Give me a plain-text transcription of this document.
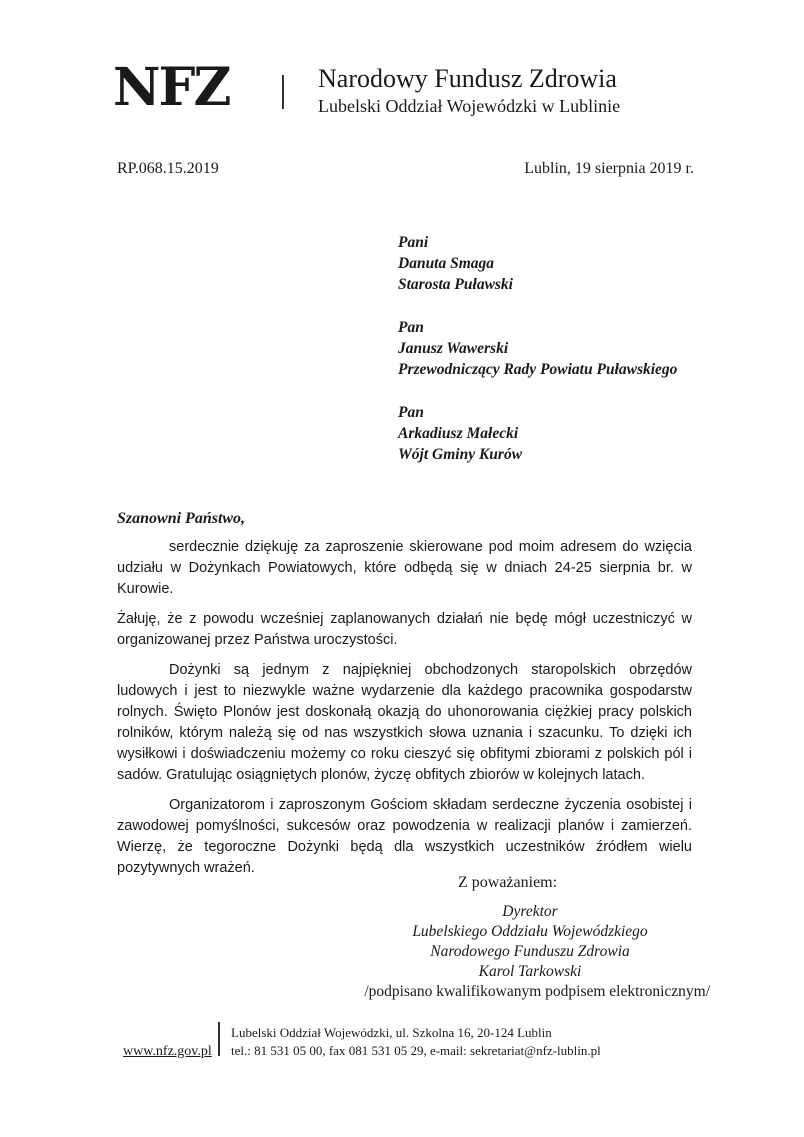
NFZ	Narodowy Fundusz Zdrowia
Lubelski Oddział Wojewódzki w Lublinie
RP.068.15.2019	Lublin, 19 sierpnia 2019 r.
Pani
Danuta Smaga
Starosta Puławski
Pan
Janusz Wawerski
Przewodniczący Rady Powiatu Puławskiego
Pan
Arkadiusz Małecki
Wójt Gminy Kurów
Szanowni Państwo,

serdecznie dziękuję za zaproszenie skierowane pod moim adresem do wzięcia udziału w Dożynkach Powiatowych, które odbędą się w dniach 24-25 sierpnia br. w Kurowie.

Żałuję, że z powodu wcześniej zaplanowanych działań nie będę mógł uczestniczyć w organizowanej przez Państwa uroczystości.

Dożynki są jednym z najpiękniej obchodzonych staropolskich obrzędów ludowych i jest to niezwykle ważne wydarzenie dla każdego pracownika gospodarstw rolnych. Święto Plonów jest doskonałą okazją do uhonorowania ciężkiej pracy polskich rolników, którym należą się od nas wszystkich słowa uznania i szacunku. To dzięki ich wysiłkowi i doświadczeniu możemy co roku cieszyć się obfitymi zbiorami z polskich pól i sadów. Gratulując osiągniętych plonów, życzę obfitych zbiorów w kolejnych latach.

Organizatorom i zaproszonym Gościom składam serdeczne życzenia osobistej i zawodowej pomyślności, sukcesów oraz powodzenia w realizacji planów i zamierzeń. Wierzę, że tegoroczne Dożynki będą dla wszystkich uczestników źródłem wielu pozytywnych wrażeń.

Z poważaniem:
Dyrektor
Lubelskiego Oddziału Wojewódzkiego
Narodowego Funduszu Zdrowia
Karol Tarkowski
/podpisano kwalifikowanym podpisem elektronicznym/
www.nfz.gov.pl
Lubelski Oddział Wojewódzki, ul. Szkolna 16, 20-124 Lublin
tel.: 81 531 05 00, fax 081 531 05 29, e-mail: sekretariat@nfz-lublin.pl
